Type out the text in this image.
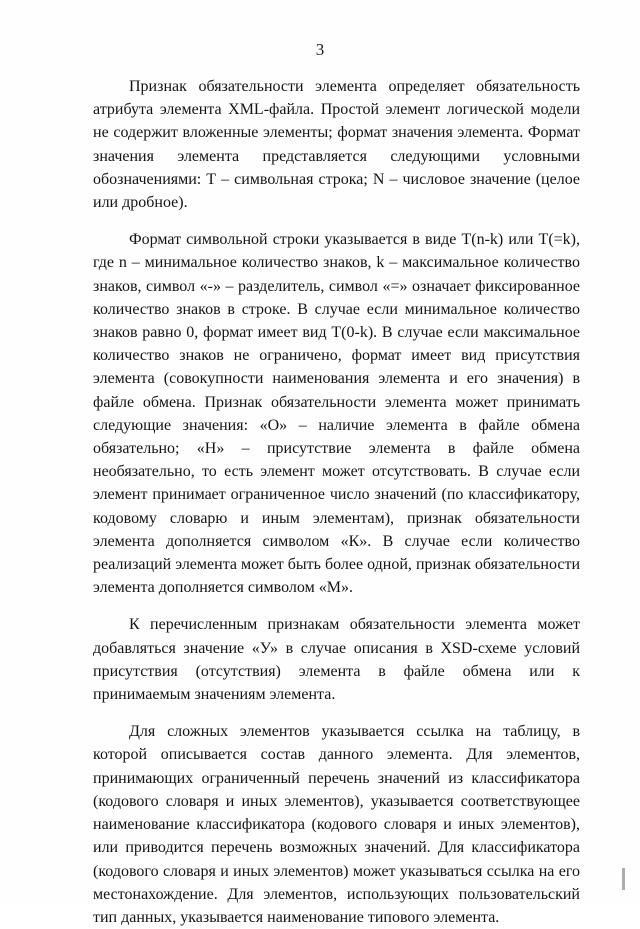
3

Признак обязательности элемента определяет обязательность атрибута элемента XML-файла. Простой элемент логической модели не содержит вложенные элементы; формат значения элемента. Формат значения элемента представляется следующими условными обозначениями: Т – символьная строка; N – числовое значение (целое или дробное).

Формат символьной строки указывается в виде T(n-k) или T(=k), где n – минимальное количество знаков, k – максимальное количество знаков, символ «-» – разделитель, символ «=» означает фиксированное количество знаков в строке. В случае если минимальное количество знаков равно 0, формат имеет вид T(0-k). В случае если максимальное количество знаков не ограничено, формат имеет вид присутствия элемента (совокупности наименования элемента и его значения) в файле обмена. Признак обязательности элемента может принимать следующие значения: «О» – наличие элемента в файле обмена обязательно; «Н» – присутствие элемента в файле обмена необязательно, то есть элемент может отсутствовать. В случае если элемент принимает ограниченное число значений (по классификатору, кодовому словарю и иным элементам), признак обязательности элемента дополняется символом «К». В случае если количество реализаций элемента может быть более одной, признак обязательности элемента дополняется символом «М».

К перечисленным признакам обязательности элемента может добавляться значение «У» в случае описания в XSD-схеме условий присутствия (отсутствия) элемента в файле обмена или к принимаемым значениям элемента.

Для сложных элементов указывается ссылка на таблицу, в которой описывается состав данного элемента. Для элементов, принимающих ограниченный перечень значений из классификатора (кодового словаря и иных элементов), указывается соответствующее наименование классификатора (кодового словаря и иных элементов), или приводится перечень возможных значений. Для классификатора (кодового словаря и иных элементов) может указываться ссылка на его местонахождение. Для элементов, использующих пользовательский тип данных, указывается наименование типового элемента.
